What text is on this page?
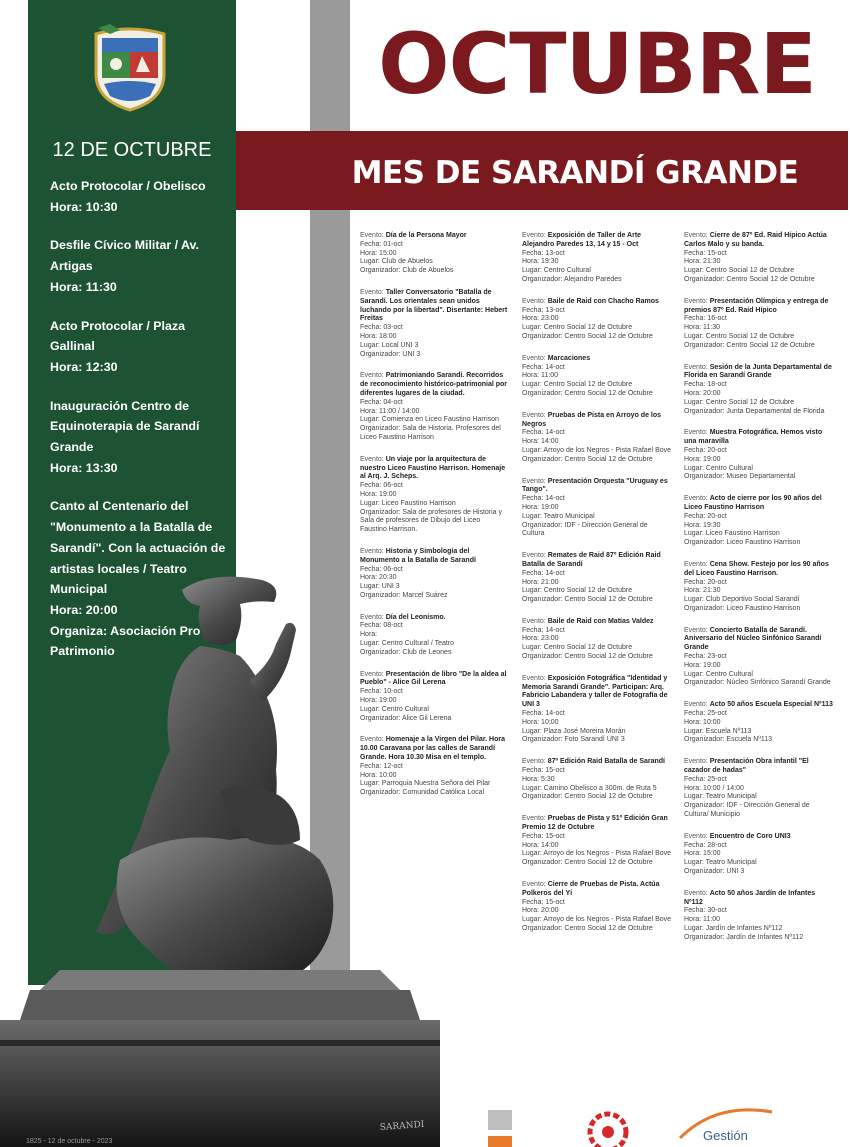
OCTUBRE
MES DE SARANDÍ GRANDE
12 DE OCTUBRE
Acto Protocolar / Obelisco
Hora: 10:30
Desfile Cívico Militar / Av. Artigas
Hora: 11:30
Acto Protocolar / Plaza Gallinal
Hora: 12:30
Inauguración Centro de Equinoterapia de Sarandí Grande
Hora: 13:30
Canto al Centenario del "Monumento a la Batalla de Sarandí". Con la actuación de artistas locales / Teatro Municipal
Hora: 20:00
Organiza: Asociación Pro Patrimonio
Evento: Día de la Persona Mayor
Fecha: 01-oct
Hora: 15:00
Lugar: Club de Abuelos
Organizador: Club de Abuelos
Evento: Taller Conversatorio "Batalla de Sarandí. Los orientales sean unidos luchando por la libertad". Disertante: Hebert Freitas
Fecha: 03-oct
Hora: 18:00
Lugar: Local UNI 3
Organizador: UNI 3
Evento: Patrimoniando Sarandí. Recorridos de reconocimiento histórico-patrimonial por diferentes lugares de la ciudad.
Fecha: 04-oct
Hora: 11:00 / 14:00
Lugar: Comienza en Liceo Faustino Harrison
Organizador: Sala de Historia. Profesores del Liceo Faustino Harrison
Evento: Un viaje por la arquitectura de nuestro Liceo Faustino Harrison. Homenaje al Arq. J. Scheps.
Fecha: 06-oct
Hora: 19:00
Lugar: Liceo Faustino Harrison
Organizador: Sala de profesores de Historia y Sala de profesores de Dibujo del Liceo Faustino Harrison.
Evento: Historia y Simbología del Monumento a la Batalla de Sarandí
Fecha: 06-oct
Hora: 20:30
Lugar: UNI 3
Organizador: Marcel Suárez
Evento: Día del Leonismo.
Fecha: 08-oct
Hora:
Lugar: Centro Cultural / Teatro
Organizador: Club de Leones
Evento: Presentación de libro "De la aldea al Pueblo" - Alice Gil Lerena
Fecha: 10-oct
Hora: 19:00
Lugar: Centro Cultural
Organizador: Alice Gil Lerena
Evento: Homenaje a la Virgen del Pilar. Hora 10.00 Caravana por las calles de Sarandí Grande. Hora 10.30 Misa en el templo.
Fecha: 12-oct
Hora: 10:00
Lugar: Parroquia Nuestra Señora del Pilar
Organizador: Comunidad Católica Local
Evento: Exposición de Taller de Arte Alejandro Paredes 13, 14 y 15 - Oct
Fecha: 13-oct
Hora: 19:30
Lugar: Centro Cultural
Organizador: Alejandro Paredes
Evento: Baile de Raid con Chacho Ramos
Fecha: 13-oct
Hora: 23:00
Lugar: Centro Social 12 de Octubre
Organizador: Centro Social 12 de Octubre
Evento: Marcaciones
Fecha: 14-oct
Hora: 11:00
Lugar: Centro Social 12 de Octubre
Organizador: Centro Social 12 de Octubre
Evento: Pruebas de Pista en Arroyo de los Negros
Fecha: 14-oct
Hora: 14:00
Lugar: Arroyo de los Negros - Pista Rafael Bove
Organizador: Centro Social 12 de Octubre
Evento: Presentación Orquesta "Uruguay es Tango".
Fecha: 14-oct
Hora: 19:00
Lugar: Teatro Municipal
Organizador: IDF - Dirección General de Cultura
Evento: Remates de Raid 87º Edición Raid Batalla de Sarandí
Fecha: 14-oct
Hora: 21:00
Lugar: Centro Social 12 de Octubre
Organizador: Centro Social 12 de Octubre
Evento: Baile de Raid con Matías Valdez
Fecha: 14-oct
Hora: 23:00
Lugar: Centro Social 12 de Octubre
Organizador: Centro Social 12 de Octubre
Evento: Exposición Fotográfica "Identidad y Memoria Sarandí Grande". Participan: Arq. Fabricio Labandera y taller de Fotografía de UNI 3
Fecha: 14-oct
Hora: 10:00
Lugar: Plaza José Moreira Morán
Organizador: Foto Sarandí UNI 3
Evento: 87º Edición Raid Batalla de Sarandí
Fecha: 15-oct
Hora: 5:30
Lugar: Camino Obelisco a 300m. de Ruta 5
Organizador: Centro Social 12 de Octubre
Evento: Pruebas de Pista y 51º Edición Gran Premio 12 de Octubre
Fecha: 15-oct
Hora: 14:00
Lugar: Arroyo de los Negros - Pista Rafael Bove
Organizador: Centro Social 12 de Octubre
Evento: Cierre de Pruebas de Pista. Actúa Polkeros del Yí
Fecha: 15-oct
Hora: 20:00
Lugar: Arroyo de los Negros - Pista Rafael Bove
Organizador: Centro Social 12 de Octubre
Evento: Cierre de 87º Ed. Raid Hípico Actúa Carlos Malo y su banda.
Fecha: 15-oct
Hora: 21:30
Lugar: Centro Social 12 de Octubre
Organizador: Centro Social 12 de Octubre
Evento: Presentación Olímpica y entrega de premios 87º Ed. Raid Hípico
Fecha: 16-oct
Hora: 11:30
Lugar: Centro Social 12 de Octubre
Organizador: Centro Social 12 de Octubre
Evento: Sesión de la Junta Departamental de Florida en Sarandí Grande
Fecha: 18-oct
Hora: 20:00
Lugar: Centro Social 12 de Octubre
Organizador: Junta Departamental de Florida
Evento: Muestra Fotográfica. Hemos visto una maravilla
Fecha: 20-oct
Hora: 19:00
Lugar: Centro Cultural
Organizador: Museo Departamental
Evento: Acto de cierre por los 90 años del Liceo Faustino Harrison
Fecha: 20-oct
Hora: 19:30
Lugar: Liceo Faustino Harrison
Organizador: Liceo Faustino Harrison
Evento: Cena Show. Festejo por los 90 años del Liceo Faustino Harrison.
Fecha: 20-oct
Hora: 21:30
Lugar: Club Deportivo Social Sarandí
Organizador: Liceo Faustino Harrison
Evento: Concierto Batalla de Sarandí. Aniversario del Núcleo Sinfónico Sarandí Grande
Fecha: 23-oct
Hora: 19:00
Lugar: Centro Cultural
Organizador: Núcleo Sinfónico Sarandí Grande
Evento: Acto 50 años Escuela Especial Nº113
Fecha: 25-oct
Hora: 10:00
Lugar: Escuela Nº113
Organizador: Escuela Nº113
Evento: Presentación Obra infantil "El cazador de hadas"
Fecha: 25-oct
Hora: 10:00 / 14:00
Lugar: Teatro Municipal
Organizador: IDF - Dirección General de Cultura/ Municipio
Evento: Encuentro de Coro UNI3
Fecha: 28-oct
Hora: 15:00
Lugar: Teatro Municipal
Organizador: UNI 3
Evento: Acto 50 años Jardín de Infantes Nº112
Fecha: 30-oct
Hora: 11:00
Lugar: Jardín de Infantes Nº112
Organizador: Jardín de Infantes Nº112
SARANDI
1825 - 12 de octubre - 2023	Gestión
